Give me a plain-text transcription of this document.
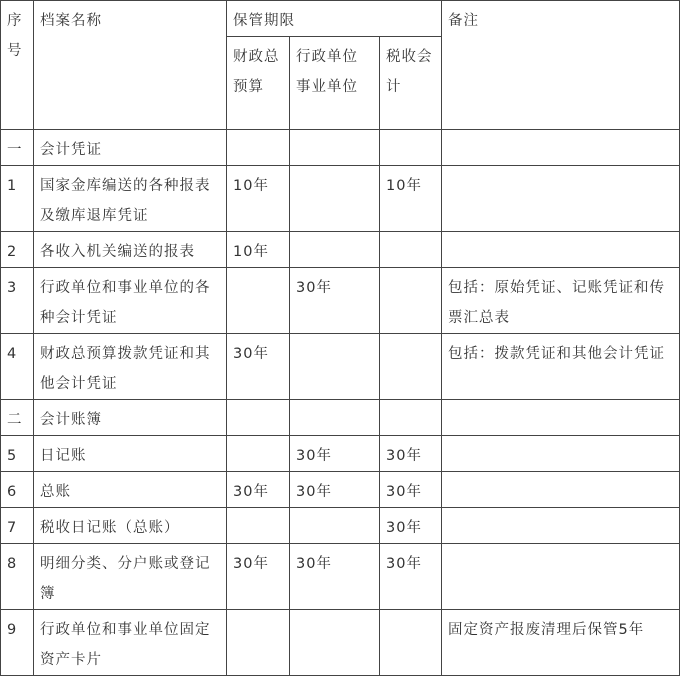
序号	档案名称	保管期限			备注

		财政总预算	行政单位事业单位	税收会计	

一	会计凭证				
1	国家金库编送的各种报表及缴库退库凭证	10年		10年	
2	各收入机关编送的报表	10年			
3	行政单位和事业单位的各种会计凭证		30年		包括：原始凭证、记账凭证和传票汇总表
4	财政总预算拨款凭证和其他会计凭证	30年			包括：拨款凭证和其他会计凭证
二	会计账簿				
5	日记账		30年	30年	
6	总账	30年	30年	30年	
7	税收日记账（总账）			30年	
8	明细分类、分户账或登记簿	30年	30年	30年	
9	行政单位和事业单位固定资产卡片				固定资产报废清理后保管5年
